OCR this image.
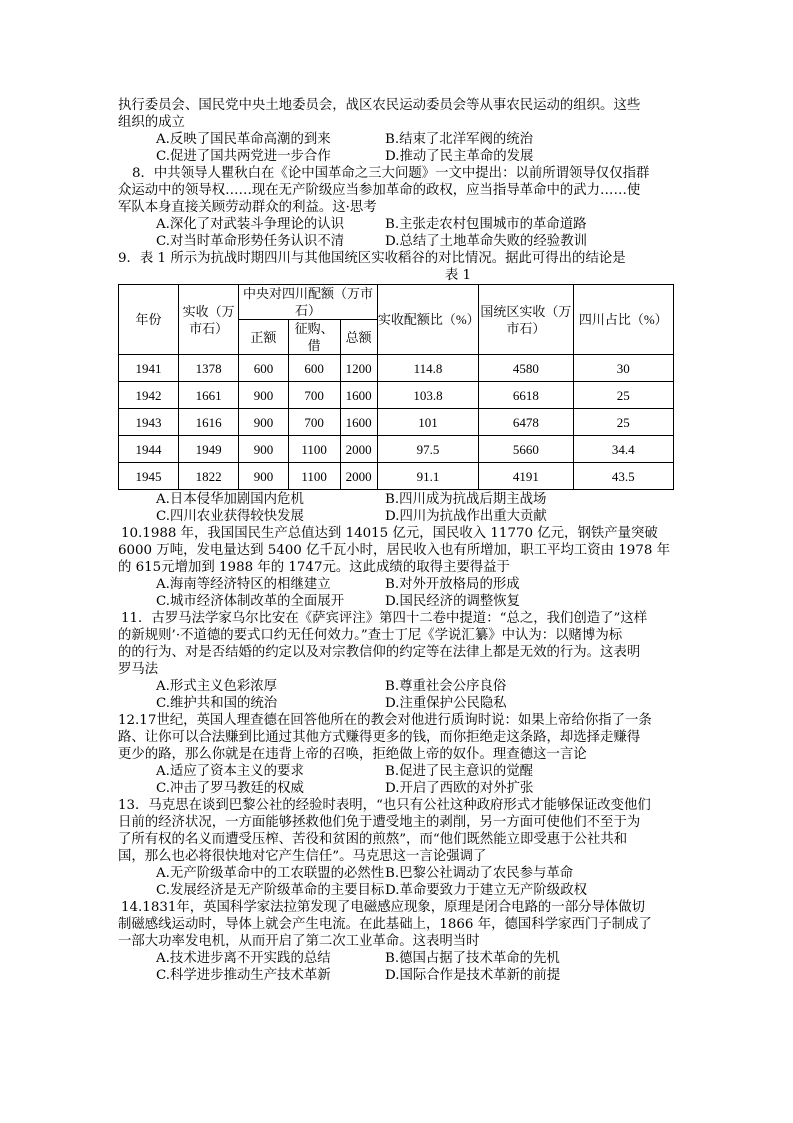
执行委员会、国民党中央土地委员会，战区农民运动委员会等从事农民运动的组织。这些

组织的成立

A.反映了国民革命高潮的到来	B.结束了北洋军阀的统治
C.促进了国共两党进一步合作	D.推动了民主革命的发展

8．中共领导人瞿秋白在《论中国革命之三大问题》一文中提出：以前所谓领导仅仅指群

众运动中的领导权……现在无产阶级应当参加革命的政权，应当指导革命中的武力……使

军队本身直接关顾劳动群众的利益。这·思考

A.深化了对武装斗争理论的认识	B.主张走农村包围城市的革命道路
C.对当时革命形势任务认识不清	D.总结了土地革命失败的经验教训

9．表 1 所示为抗战时期四川与其他国统区实收稻谷的对比情况。据此可得出的结论是

表 1

年份	实收（万市石）	中央对四川配额（万市石）			实收配额比（%）	国统区实收（万市石）	四川占比（%）
		正额	征购、借	总额			
1941	1378	600	600	1200	114.8	4580	30
1942	1661	900	700	1600	103.8	6618	25
1943	1616	900	700	1600	101	6478	25
1944	1949	900	1100	2000	97.5	5660	34.4
1945	1822	900	1100	2000	91.1	4191	43.5
A.日本侵华加剧国内危机	B.四川成为抗战后期主战场
C.四川农业获得较快发展	D.四川为抗战作出重大贡献

10.1988 年，我国国民生产总值达到 14015 亿元，国民收入 11770 亿元，钢铁产量突破

6000 万吨，发电量达到 5400 亿千瓦小时，居民收入也有所增加，职工平均工资由 1978 年

的 615元增加到 1988 年的 1747元。这此成绩的取得主要得益于

A.海南等经济特区的相继建立	B.对外开放格局的形成
C.城市经济体制改革的全面展开	D.国民经济的调整恢复

11．古罗马法学家乌尔比安在《萨宾评注》第四十二卷中提道：“总之，我们创造了”这样

的新规则’·不道德的要式口约无任何效力。”查士丁尼《学说汇纂》中认为：以赌博为标

的的行为、对是否结婚的约定以及对宗教信仰的约定等在法律上都是无效的行为。这表明

罗马法

A.形式主义色彩浓厚	B.尊重社会公序良俗
C.维护共和国的统治	D.注重保护公民隐私

12.17世纪，英国人理查德在回答他所在的教会对他进行质询时说：如果上帝给你指了一条

路、让你可以合法赚到比通过其他方式赚得更多的钱，而你拒绝走这条路，却选择走赚得

更少的路，那么你就是在违背上帝的召唤，拒绝做上帝的奴仆。理查德这一言论

A.适应了资本主义的要求	B.促进了民主意识的觉醒
C.冲击了罗马教廷的权威	D.开启了西欧的对外扩张

13．马克思在谈到巴黎公社的经验时表明，“也只有公社这种政府形式才能够保证改变他们

日前的经济状况，一方面能够拯救他们免于遭受地主的剥削，另一方面可使他们不至于为

了所有权的名义而遭受压榨、苦役和贫困的煎熬”，而“他们既然能立即受惠于公社共和

国，那么也必将很快地对它产生信任”。马克思这一言论强调了

A.无产阶级革命中的工农联盟的必然性 B.巴黎公社调动了农民参与革命
C.发展经济是无产阶级革命的主要目标 D.革命要致力于建立无产阶级政权

14.1831年，英国科学家法拉第发现了电磁感应现象，原理是闭合电路的一部分导体做切

制磁感线运动时，导体上就会产生电流。在此基础上，1866 年，德国科学家西门子制成了

一部大功率发电机，从而开启了第二次工业革命。这表明当时

A.技术进步离不开实践的总结	B.德国占据了技术革命的先机
C.科学进步推动生产技术革新	D.国际合作是技术革新的前提
